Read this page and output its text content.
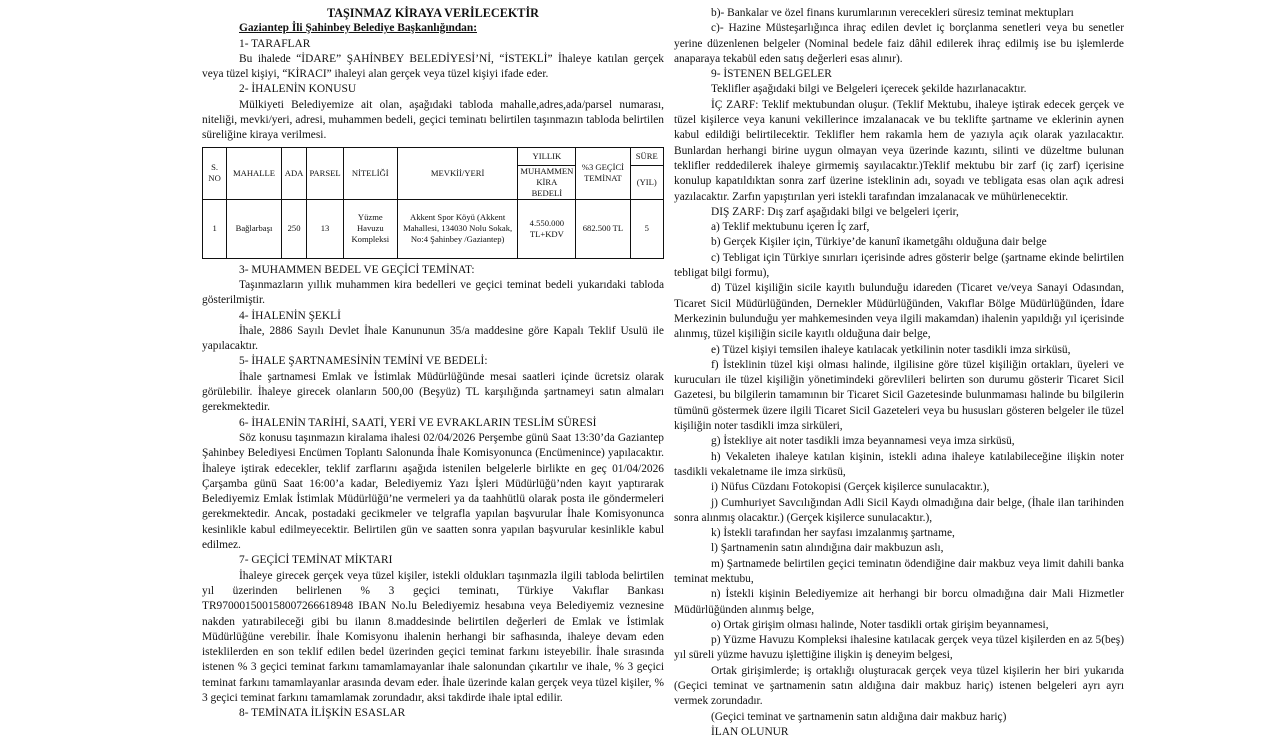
TAŞINMAZ KİRAYA VERİLECEKTİR

Gaziantep İli Şahinbey Belediye Başkanlığından:

1- TARAFLAR

Bu ihalede “İDARE” ŞAHİNBEY BELEDİYESİ’Nİ, “İSTEKLİ” İhaleye katılan gerçek veya tüzel kişiyi, “KİRACI” ihaleyi alan gerçek veya tüzel kişiyi ifade eder.

2- İHALENİN KONUSU

Mülkiyeti Belediyemize ait olan, aşağıdaki tabloda mahalle,adres,ada/parsel numarası, niteliği, mevki/yeri, adresi, muhammen bedeli, geçici teminatı belirtilen taşınmazın tabloda belirtilen süreliğine kiraya verilmesi.

S. NO	MAHALLE	ADA	PARSEL	NİTELİĞİ	MEVKİİ/YERİ	YILLIK	%3 GEÇİCİ TEMİNAT	SÜRE
						MUHAMMEN KİRA BEDELİ		(YIL)
1	Bağlarbaşı	250	13	Yüzme Havuzu Kompleksi	Akkent Spor Köyü (Akkent Mahallesi, 134030 Nolu Sokak, No:4 Şahinbey /Gaziantep)	4.550.000 TL+KDV	682.500 TL	5

3- MUHAMMEN BEDEL VE GEÇİCİ TEMİNAT:

Taşınmazların yıllık muhammen kira bedelleri ve geçici teminat bedeli yukarıdaki tabloda gösterilmiştir.

4- İHALENİN ŞEKLİ

İhale, 2886 Sayılı Devlet İhale Kanununun 35/a maddesine göre Kapalı Teklif Usulü ile yapılacaktır.

5- İHALE ŞARTNAMESİNİN TEMİNİ VE BEDELİ:

İhale şartnamesi Emlak ve İstimlak Müdürlüğünde mesai saatleri içinde ücretsiz olarak görülebilir. İhaleye girecek olanların 500,00 (Beşyüz) TL karşılığında şartnameyi satın almaları gerekmektedir.

6- İHALENİN TARİHİ, SAATİ, YERİ VE EVRAKLARIN TESLİM SÜRESİ

Söz konusu taşınmazın kiralama ihalesi 02/04/2026 Perşembe günü Saat 13:30’da Gaziantep Şahinbey Belediyesi Encümen Toplantı Salonunda İhale Komisyonunca (Encümenince) yapılacaktır. İhaleye iştirak edecekler, teklif zarflarını aşağıda istenilen belgelerle birlikte en geç 01/04/2026 Çarşamba günü Saat 16:00’a kadar, Belediyemiz Yazı İşleri Müdürlüğü’nden kayıt yaptırarak Belediyemiz Emlak İstimlak Müdürlüğü’ne vermeleri ya da taahhütlü olarak posta ile göndermeleri gerekmektedir. Ancak, postadaki gecikmeler ve telgrafla yapılan başvurular İhale Komisyonunca kesinlikle kabul edilmeyecektir. Belirtilen gün ve saatten sonra yapılan başvurular kesinlikle kabul edilmez.

7- GEÇİCİ TEMİNAT MİKTARI

İhaleye girecek gerçek veya tüzel kişiler, istekli oldukları taşınmazla ilgili tabloda belirtilen yıl üzerinden belirlenen % 3 geçici teminatı, Türkiye Vakıflar Bankası TR970001500158007266618948 IBAN No.lu Belediyemiz hesabına veya Belediyemiz veznesine nakden yatırabileceği gibi bu ilanın 8.maddesinde belirtilen değerleri de Emlak ve İstimlak Müdürlüğüne verebilir. İhale Komisyonu ihalenin herhangi bir safhasında, ihaleye devam eden isteklilerden en son teklif edilen bedel üzerinden geçici teminat farkını isteyebilir. İhale sırasında istenen % 3 geçici teminat farkını tamamlamayanlar ihale salonundan çıkartılır ve ihale, % 3 geçici teminat farkını tamamlayanlar arasında devam eder. İhale üzerinde kalan gerçek veya tüzel kişiler, % 3 geçici teminat farkını tamamlamak zorundadır, aksi takdirde ihale iptal edilir.

8- TEMİNATA İLİŞKİN ESASLAR

b)- Bankalar ve özel finans kurumlarının verecekleri süresiz teminat mektupları

c)- Hazine Müsteşarlığınca ihraç edilen devlet iç borçlanma senetleri veya bu senetler yerine düzenlenen belgeler (Nominal bedele faiz dâhil edilerek ihraç edilmiş ise bu işlemlerde anaparaya tekabül eden satış değerleri esas alınır).

9- İSTENEN BELGELER

Teklifler aşağıdaki bilgi ve Belgeleri içerecek şekilde hazırlanacaktır.

İÇ ZARF: Teklif mektubundan oluşur. (Teklif Mektubu, ihaleye iştirak edecek gerçek ve tüzel kişilerce veya kanuni vekillerince imzalanacak ve bu teklifte şartname ve eklerinin aynen kabul edildiği belirtilecektir. Teklifler hem rakamla hem de yazıyla açık olarak yazılacaktır. Bunlardan herhangi birine uygun olmayan veya üzerinde kazıntı, silinti ve düzeltme bulunan teklifler reddedilerek ihaleye girmemiş sayılacaktır.)Teklif mektubu bir zarf (iç zarf) içerisine konulup kapatıldıktan sonra zarf üzerine isteklinin adı, soyadı ve tebligata esas olan açık adresi yazılacaktır. Zarfın yapıştırılan yeri istekli tarafından imzalanacak ve mühürlenecektir.

DIŞ ZARF: Dış zarf aşağıdaki bilgi ve belgeleri içerir,

a) Teklif mektubunu içeren İç zarf,

b) Gerçek Kişiler için, Türkiye’de kanunî ikametgâhı olduğuna dair belge

c) Tebligat için Türkiye sınırları içerisinde adres gösterir belge (şartname ekinde belirtilen tebligat bilgi formu),

d) Tüzel kişiliğin sicile kayıtlı bulunduğu idareden (Ticaret ve/veya Sanayi Odasından, Ticaret Sicil Müdürlüğünden, Dernekler Müdürlüğünden, Vakıflar Bölge Müdürlüğünden, İdare Merkezinin bulunduğu yer mahkemesinden veya ilgili makamdan) ihalenin yapıldığı yıl içerisinde alınmış, tüzel kişiliğin sicile kayıtlı olduğuna dair belge,

e) Tüzel kişiyi temsilen ihaleye katılacak yetkilinin noter tasdikli imza sirküsü,

f) İsteklinin tüzel kişi olması halinde, ilgilisine göre tüzel kişiliğin ortakları, üyeleri ve kurucuları ile tüzel kişiliğin yönetimindeki görevlileri belirten son durumu gösterir Ticaret Sicil Gazetesi, bu bilgilerin tamamının bir Ticaret Sicil Gazetesinde bulunmaması halinde bu bilgilerin tümünü göstermek üzere ilgili Ticaret Sicil Gazeteleri veya bu hususları gösteren belgeler ile tüzel kişiliğin noter tasdikli imza sirküleri,

g) İstekliye ait noter tasdikli imza beyannamesi veya imza sirküsü,

h) Vekaleten ihaleye katılan kişinin, istekli adına ihaleye katılabileceğine ilişkin noter tasdikli vekaletname ile imza sirküsü,

i) Nüfus Cüzdanı Fotokopisi (Gerçek kişilerce sunulacaktır.),

j) Cumhuriyet Savcılığından Adli Sicil Kaydı olmadığına dair belge, (İhale ilan tarihinden sonra alınmış olacaktır.) (Gerçek kişilerce sunulacaktır.),

k) İstekli tarafından her sayfası imzalanmış şartname,

l) Şartnamenin satın alındığına dair makbuzun aslı,

m) Şartnamede belirtilen geçici teminatın ödendiğine dair makbuz veya limit dahili banka teminat mektubu,

n) İstekli kişinin Belediyemize ait herhangi bir borcu olmadığına dair Mali Hizmetler Müdürlüğünden alınmış belge,

o) Ortak girişim olması halinde, Noter tasdikli ortak girişim beyannamesi,

p) Yüzme Havuzu Kompleksi ihalesine katılacak gerçek veya tüzel kişilerden en az 5(beş) yıl süreli yüzme havuzu işlettiğine ilişkin iş deneyim belgesi,

Ortak girişimlerde; iş ortaklığı oluşturacak gerçek veya tüzel kişilerin her biri yukarıda (Geçici teminat ve şartnamenin satın aldığına dair makbuz hariç) istenen belgeleri ayrı ayrı vermek zorundadır.

(Geçici teminat ve şartnamenin satın aldığına dair makbuz hariç)

İLAN OLUNUR
